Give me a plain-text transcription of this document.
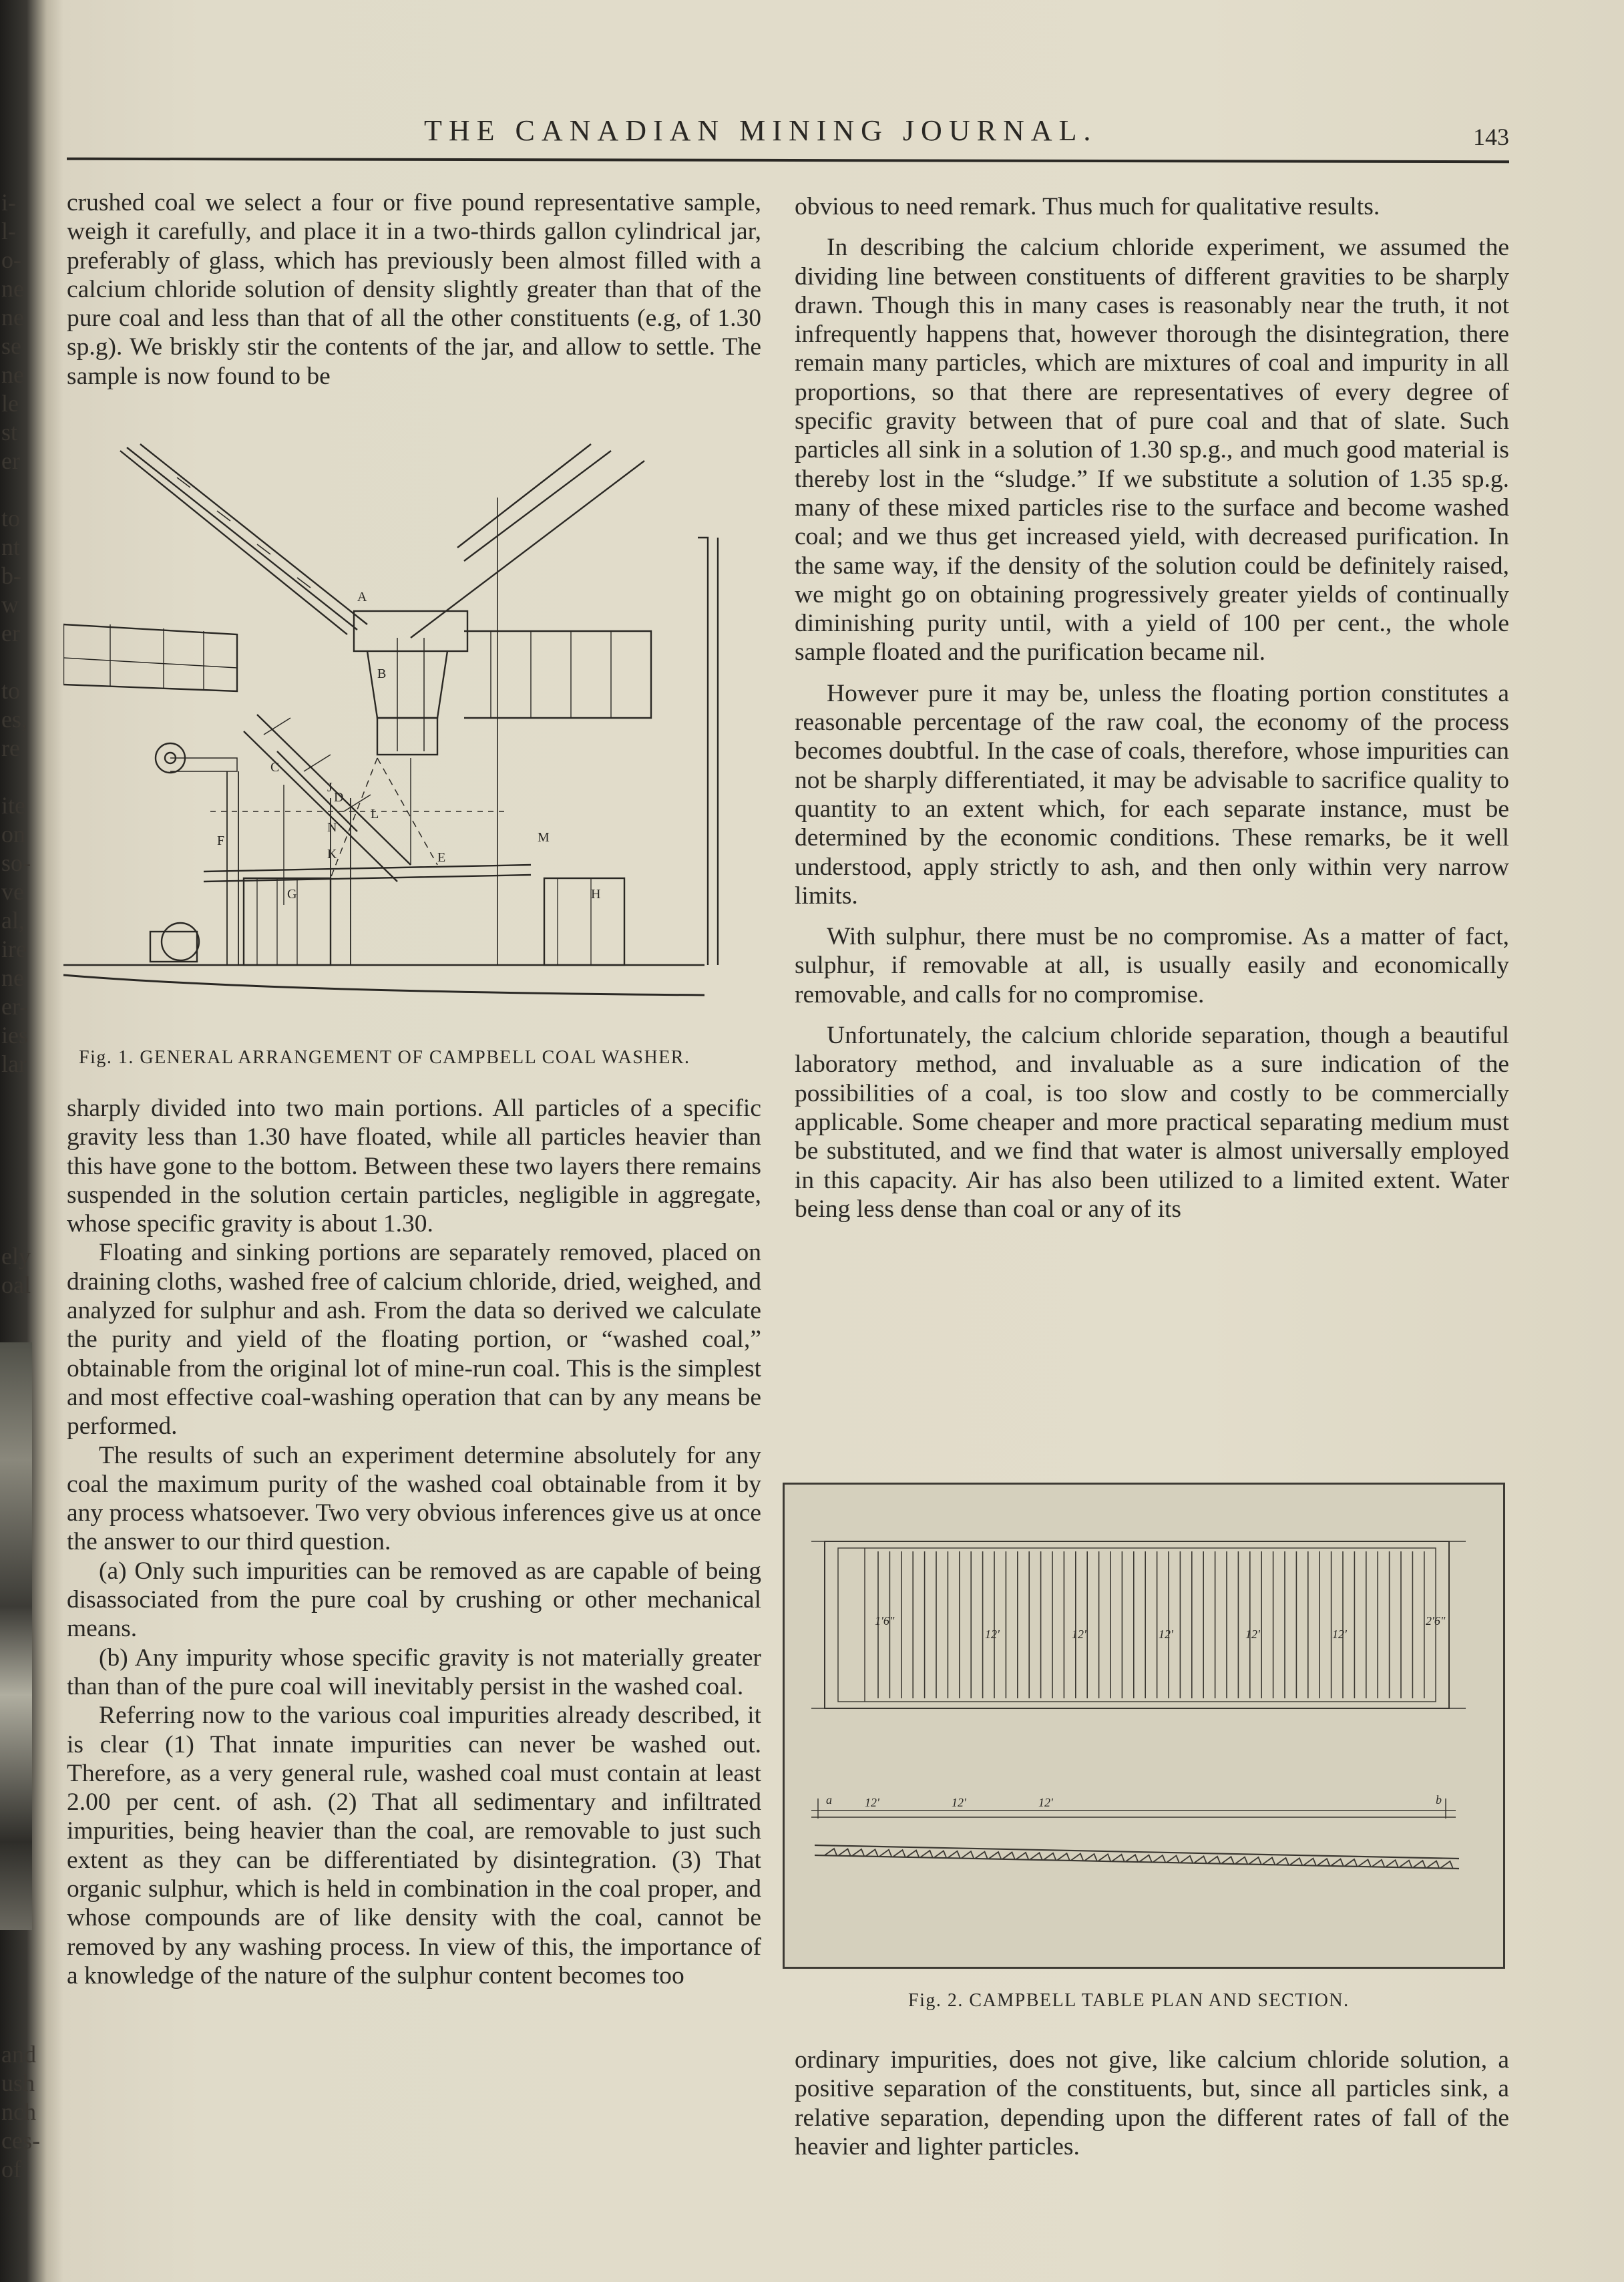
i-
l-
o-
ne
ne
se
ne
le
st
er
to
nt
b-
w
er
to
es,
re
ite
on
so-
ve
al,
ire
ne
er-
ies
lar
ely
oal
and
ush
nch
ces-
of
THE CANADIAN MINING JOURNAL.	143

crushed coal we select a four or five pound representative sample, weigh it carefully, and place it in a two-thirds gallon cylindrical jar, preferably of glass, which has previously been almost filled with a calcium chloride solution of density slightly greater than that of the pure coal and less than that of all the other constituents (e.g, of 1.30 sp.g). We briskly stir the contents of the jar, and allow to settle. The sample is now found to be

A
B
C
D
E
F
G	H
J
K
L
M
N
Fig. 1. GENERAL ARRANGEMENT OF CAMPBELL COAL WASHER.

sharply divided into two main portions. All particles of a specific gravity less than 1.30 have floated, while all particles heavier than this have gone to the bottom. Between these two layers there remains suspended in the solution certain particles, negligible in aggregate, whose specific gravity is about 1.30.

Floating and sinking portions are separately removed, placed on draining cloths, washed free of calcium chloride, dried, weighed, and analyzed for sulphur and ash. From the data so derived we calculate the purity and yield of the floating portion, or “washed coal,” obtainable from the original lot of mine-run coal. This is the simplest and most effective coal-washing operation that can by any means be performed.

The results of such an experiment determine absolutely for any coal the maximum purity of the washed coal obtainable from it by any process whatsoever. Two very obvious inferences give us at once the answer to our third question.

(a) Only such impurities can be removed as are capable of being disassociated from the pure coal by crushing or other mechanical means.

(b) Any impurity whose specific gravity is not materially greater than than of the pure coal will inevitably persist in the washed coal.

Referring now to the various coal impurities already described, it is clear (1) That innate impurities can never be washed out. Therefore, as a very general rule, washed coal must contain at least 2.00 per cent. of ash. (2) That all sedimentary and infiltrated impurities, being heavier than the coal, are removable to just such extent as they can be differentiated by disintegration. (3) That organic sulphur, which is held in combination in the coal proper, and whose compounds are of like density with the coal, cannot be removed by any washing process. In view of this, the importance of a knowledge of the nature of the sulphur content becomes too

obvious to need remark. Thus much for qualitative results.

In describing the calcium chloride experiment, we assumed the dividing line between constituents of different gravities to be sharply drawn. Though this in many cases is reasonably near the truth, it not infrequently happens that, however thorough the disintegration, there remain many particles, which are mixtures of coal and impurity in all proportions, so that there are representatives of every degree of specific gravity between that of pure coal and that of slate. Such particles all sink in a solution of 1.30 sp.g., and much good material is thereby lost in the “sludge.” If we substitute a solution of 1.35 sp.g. many of these mixed particles rise to the surface and become washed coal; and we thus get increased yield, with decreased purification. In the same way, if the density of the solution could be definitely raised, we might go on obtaining progressively greater yields of continually diminishing purity until, with a yield of 100 per cent., the whole sample floated and the purification became nil.

However pure it may be, unless the floating portion constitutes a reasonable percentage of the raw coal, the economy of the process becomes doubtful. In the case of coals, therefore, whose impurities can not be sharply differentiated, it may be advisable to sacrifice quality to quantity to an extent which, for each separate instance, must be determined by the economic conditions. These remarks, be it well understood, apply strictly to ash, and then only within very narrow limits.

With sulphur, there must be no compromise. As a matter of fact, sulphur, if removable at all, is usually easily and economically removable, and calls for no compromise.

Unfortunately, the calcium chloride separation, though a beautiful laboratory method, and invaluable as a sure indication of the possibilities of a coal, is too slow and costly to be commercially applicable. Some cheaper and more practical separating medium must be substituted, and we find that water is almost universally employed in this capacity. Air has also been utilized to a limited extent. Water being less dense than coal or any of its

1'6"
12'	12'	12'	12'	12'
12'	12'	12'
2'6"
a	b
Fig. 2. CAMPBELL TABLE PLAN AND SECTION.

ordinary impurities, does not give, like calcium chloride solution, a positive separation of the constituents, but, since all particles sink, a relative separation, depending upon the different rates of fall of the heavier and lighter particles.
